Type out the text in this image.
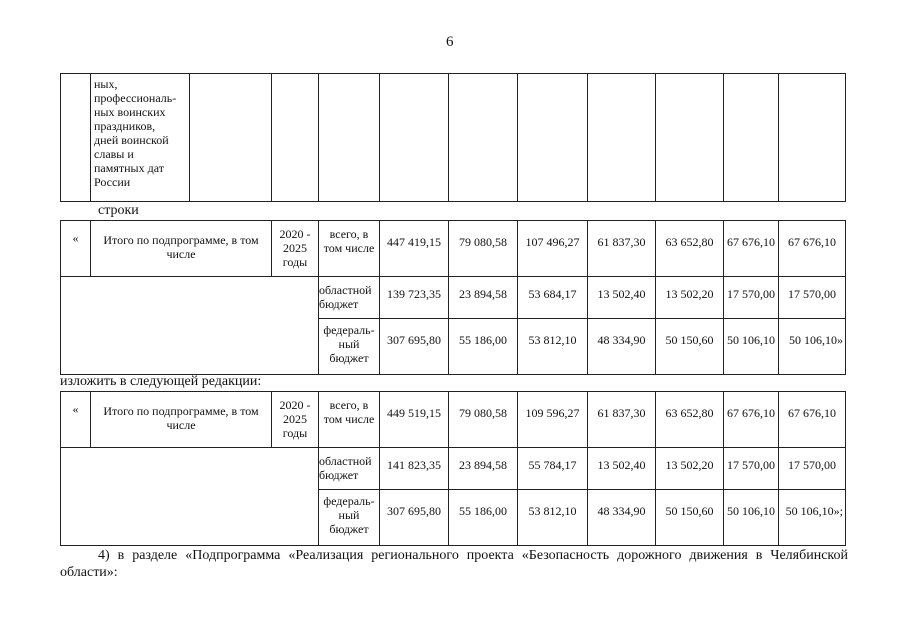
6

ных,
профессиональ-
ных воинских
праздников,
дней воинской
славы и
памятных дат
России

строки
«	Итого по подпрограмме, в том числе	2020 - 2025 годы	всего, в том числе	447 419,15	79 080,58	107 496,27	61 837,30	63 652,80	67 676,10	67 676,10
			областной бюджет	139 723,35	23 894,58	53 684,17	13 502,40	13 502,20	17 570,00	17 570,00
			федераль-ный бюджет	307 695,80	55 186,00	53 812,10	48 334,90	50 150,60	50 106,10	50 106,10»
изложить в следующей редакции:
«	Итого по подпрограмме, в том числе	2020 - 2025 годы	всего, в том числе	449 519,15	79 080,58	109 596,27	61 837,30	63 652,80	67 676,10	67 676,10
			областной бюджет	141 823,35	23 894,58	55 784,17	13 502,40	13 502,20	17 570,00	17 570,00
			федераль-ный бюджет	307 695,80	55 186,00	53 812,10	48 334,90	50 150,60	50 106,10	50 106,10»;
4) в разделе «Подпрограмма «Реализация регионального проекта «Безопасность дорожного движения в Челябинской области»:
